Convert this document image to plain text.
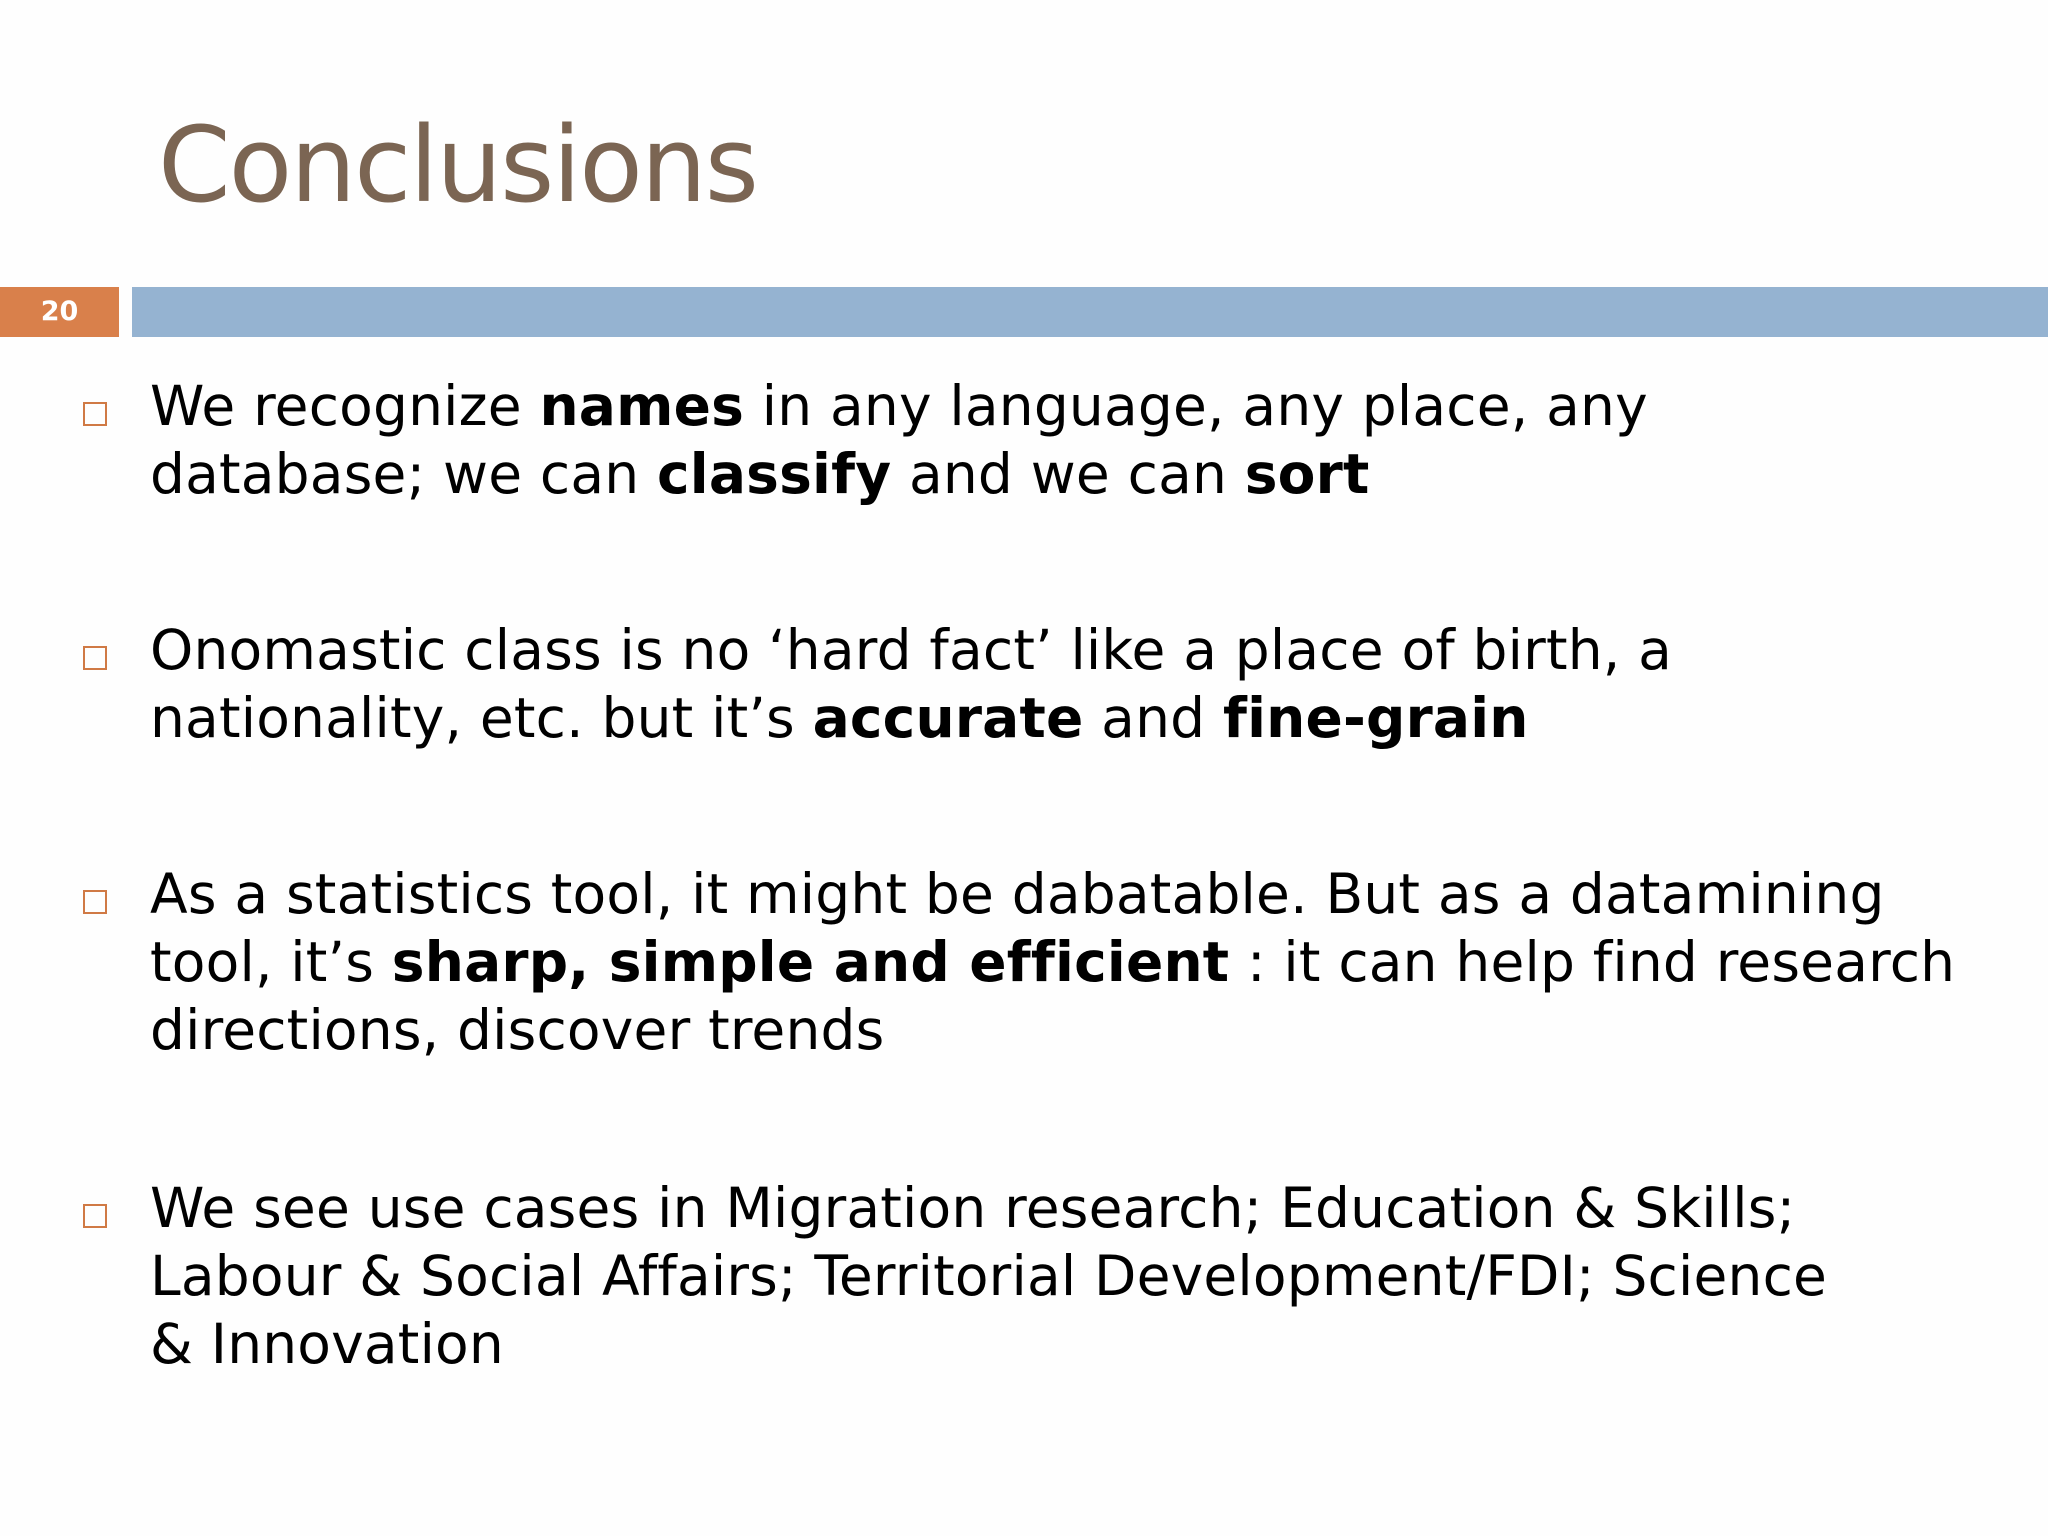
Conclusions
20
We recognize names in any language, any place, any
database; we can classify and we can sort
Onomastic class is no ‘hard fact’ like a place of birth, a
nationality, etc. but it’s accurate and fine-grain
As a statistics tool, it might be dabatable. But as a datamining
tool, it’s sharp, simple and efficient : it can help find research
directions, discover trends
We see use cases in Migration research; Education & Skills;
Labour & Social Affairs; Territorial Development/FDI; Science
& Innovation
